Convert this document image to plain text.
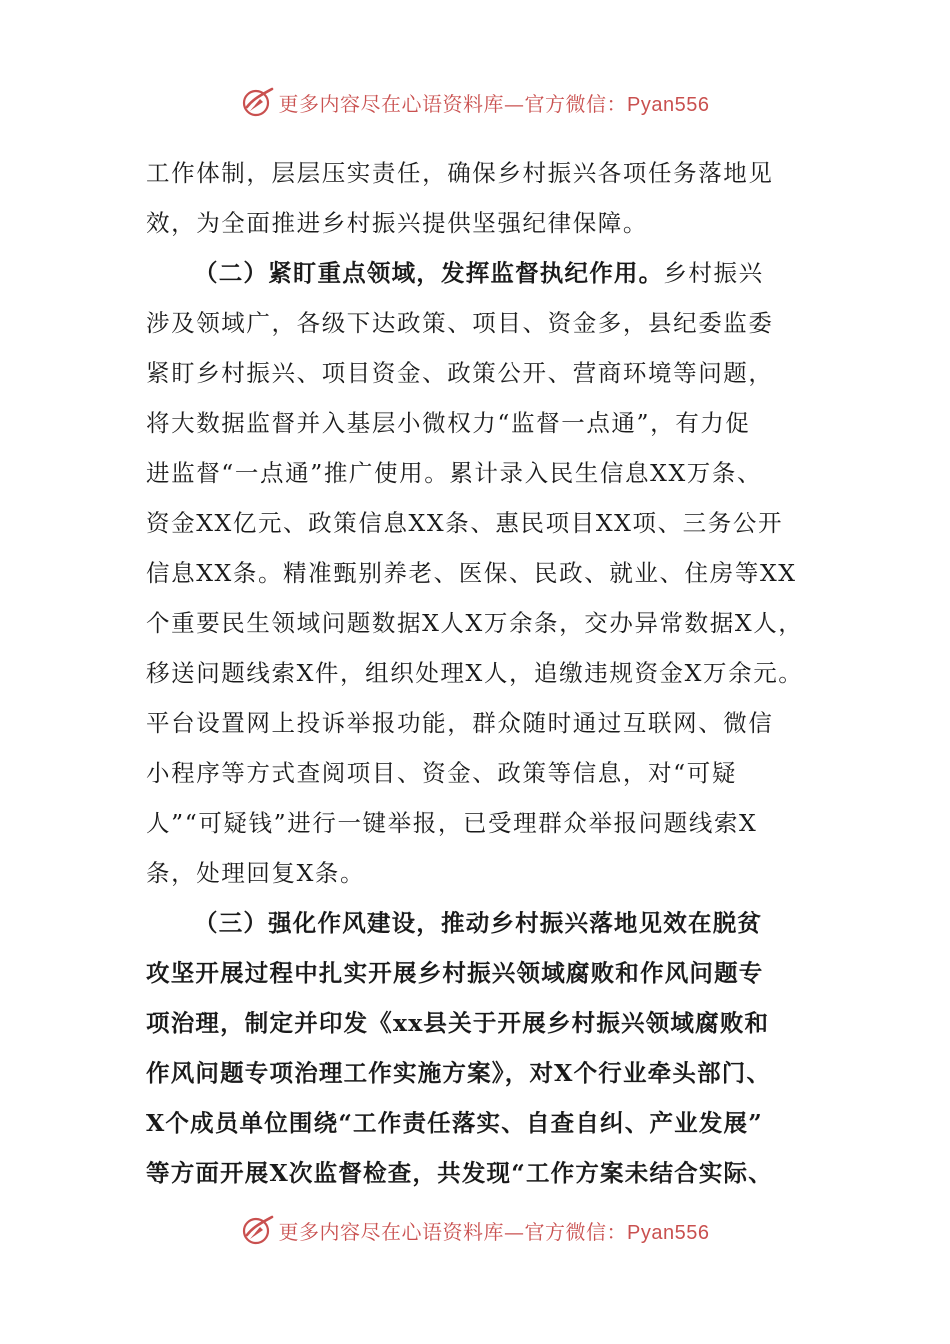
更多内容尽在心语资料库—官方微信：Pyan556
工作体制，层层压实责任，确保乡村振兴各项任务落地见
效，为全面推进乡村振兴提供坚强纪律保障。
（二）紧盯重点领域，发挥监督执纪作用。乡村振兴
涉及领域广，各级下达政策、项目、资金多，县纪委监委
紧盯乡村振兴、项目资金、政策公开、营商环境等问题，
将大数据监督并入基层小微权力“监督一点通”，有力促
进监督“一点通”推广使用。累计录入民生信息XX万条、
资金XX亿元、政策信息XX条、惠民项目XX项、三务公开
信息XX条。精准甄别养老、医保、民政、就业、住房等XX
个重要民生领域问题数据X人X万余条，交办异常数据X人，
移送问题线索X件，组织处理X人，追缴违规资金X万余元。
平台设置网上投诉举报功能，群众随时通过互联网、微信
小程序等方式查阅项目、资金、政策等信息，对“可疑
人”“可疑钱”进行一键举报，已受理群众举报问题线索X
条，处理回复X条。
（三）强化作风建设，推动乡村振兴落地见效在脱贫
攻坚开展过程中扎实开展乡村振兴领域腐败和作风问题专
项治理，制定并印发《xx县关于开展乡村振兴领域腐败和
作风问题专项治理工作实施方案》，对X个行业牵头部门、
X个成员单位围绕“工作责任落实、自查自纠、产业发展”
等方面开展X次监督检查，共发现“工作方案未结合实际、
更多内容尽在心语资料库—官方微信：Pyan556
